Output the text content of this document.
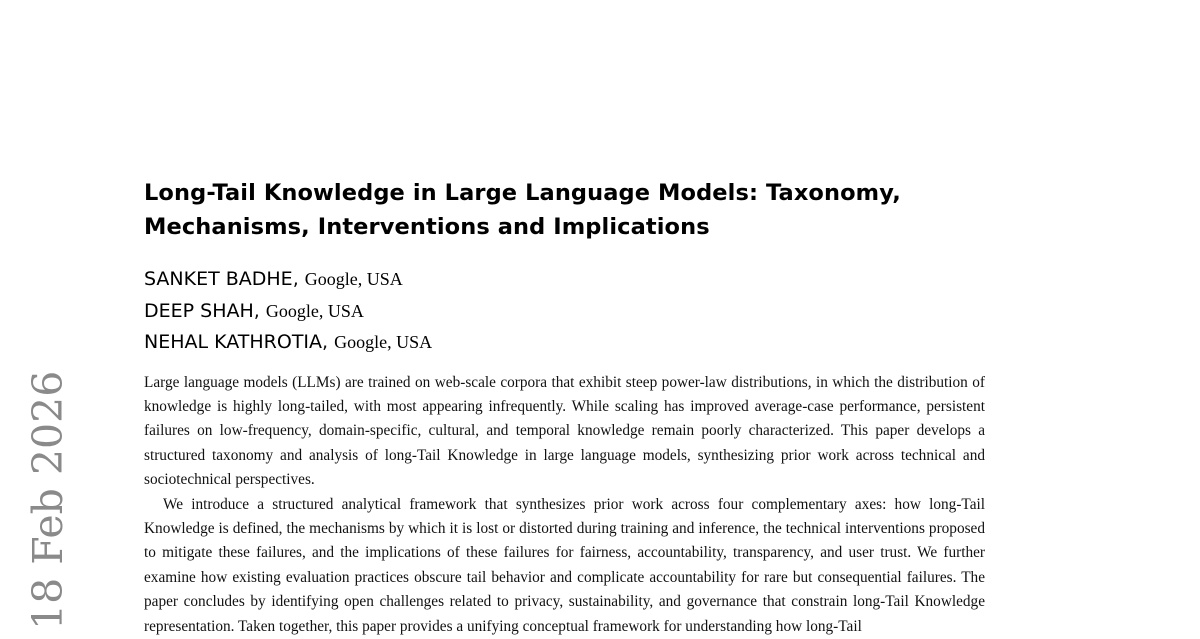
18 Feb 2026
Long-Tail Knowledge in Large Language Models: Taxonomy, Mechanisms, Interventions and Implications
SANKET BADHE, Google, USA
DEEP SHAH, Google, USA
NEHAL KATHROTIA, Google, USA

Large language models (LLMs) are trained on web-scale corpora that exhibit steep power-law distributions, in which the distribution of knowledge is highly long-tailed, with most appearing infrequently. While scaling has improved average-case performance, persistent failures on low-frequency, domain-specific, cultural, and temporal knowledge remain poorly characterized. This paper develops a structured taxonomy and analysis of long-Tail Knowledge in large language models, synthesizing prior work across technical and sociotechnical perspectives.

We introduce a structured analytical framework that synthesizes prior work across four complementary axes: how long-Tail Knowledge is defined, the mechanisms by which it is lost or distorted during training and inference, the technical interventions proposed to mitigate these failures, and the implications of these failures for fairness, accountability, transparency, and user trust. We further examine how existing evaluation practices obscure tail behavior and complicate accountability for rare but consequential failures. The paper concludes by identifying open challenges related to privacy, sustainability, and governance that constrain long-Tail Knowledge representation. Taken together, this paper provides a unifying conceptual framework for understanding how long-Tail
